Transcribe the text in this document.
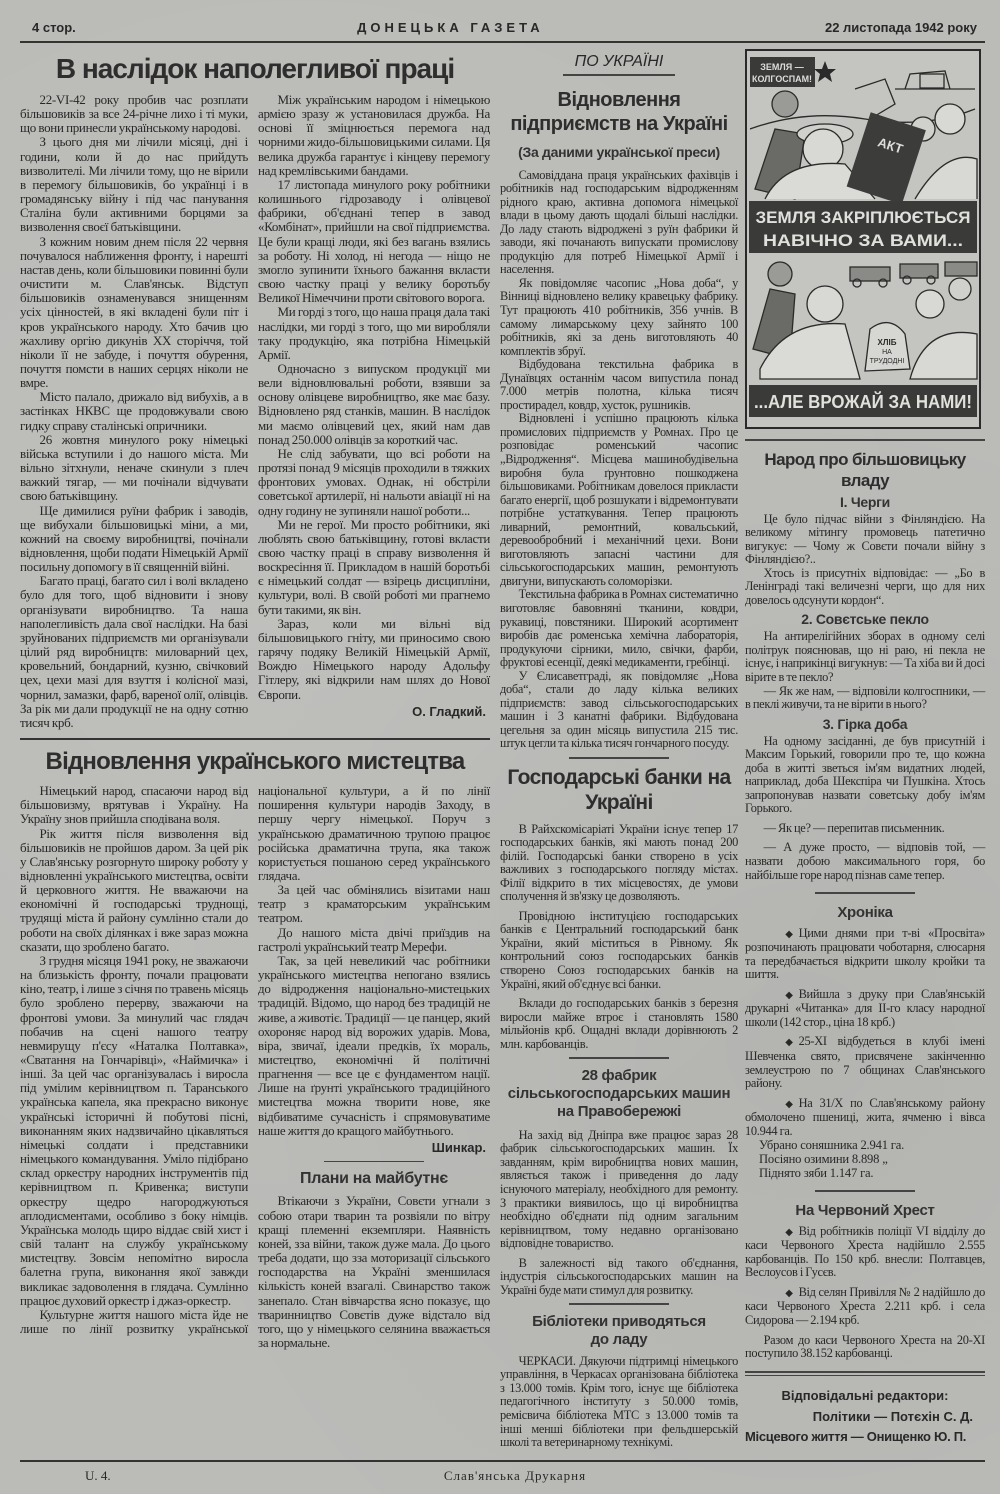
4 стор.	ДОНЕЦЬКА ГАЗЕТА	22 листопада 1942 року
В наслідок наполегливої праці

22-VI-42 року пробив час розплати більшовиків за все 24-річне лихо і ті муки, що вони принесли українському народові.

З цього дня ми лічили місяці, дні і години, коли й до нас прийдуть визволителі. Ми лічили тому, що не вірили в перемогу більшовиків, бо українці і в громадянську війну і під час панування Сталіна були активними борцями за визволення своєї батьківщини.

З кожним новим днем після 22 червня почувалося наближення фронту, і нарешті настав день, коли більшовики повинні були очистити м. Слав'янськ. Відступ більшовиків ознаменувався знищенням усіх цінностей, в які вкладені були піт і кров українського народу. Хто бачив цю жахливу оргію дикунів XX сторіччя, той ніколи її не забуде, і почуття обурення, почуття помсти в наших серцях ніколи не вмре.

Місто палало, дрижало від вибухів, а в застінках НКВС ще продовжували свою гидку справу сталінські опричники.

26 жовтня минулого року німецькі війська вступили і до нашого міста. Ми вільно зітхнули, неначе скинули з плеч важкий тягар, — ми почінали відчувати свою батьківщину.

Ще димилися руїни фабрик і заводів, ще вибухали більшовицькі міни, а ми, кожний на своєму виробництві, почінали відновлення, щоби подати Німецькій Армії посильну допомогу в її священній війні.

Багато праці, багато сил і волі вкладено було для того, щоб відновити і знову організувати виробництво. Та наша наполегливість дала свої наслідки. На базі зруйнованих підприємств ми організували цілий ряд виробництв: миловарний цех, кровельний, бондарний, кузню, свічковий цех, цехи мазі для взуття і колісної мазі, чорнил, замазки, фарб, вареної олії, олівців. За рік ми дали продукції не на одну сотню тисяч крб.

Між українським народом і німецькою армією зразу ж установилася дружба. На основі її зміцнюється перемога над чорними жидо-більшовицькими силами. Ця велика дружба гарантує і кінцеву перемогу над кремлівськими бандами.

17 листопада минулого року робітники колишнього гідрозаводу і олівцевої фабрики, об'єднані тепер в завод «Комбінат», прийшли на свої підприємства. Це були кращі люди, які без вагань взялись за роботу. Ні холод, ні негода — ніщо не змогло зупинити їхнього бажання вкласти свою частку праці у велику боротьбу Великої Німеччини проти світового ворога.

Ми горді з того, що наша праця дала такі наслідки, ми горді з того, що ми виробляли таку продукцію, яка потрібна Німецькій Армії.

Одночасно з випуском продукції ми вели відновлювальні роботи, взявши за основу олівцеве виробництво, яке має базу. Відновлено ряд станків, машин. В наслідок ми маємо олівцевий цех, який нам дав понад 250.000 олівців за короткий час.

Не слід забувати, що всі роботи на протязі понад 9 місяців проходили в тяжких фронтових умовах. Однак, ні обстріли советської артилерії, ні нальоти авіації ні на одну годину не зупиняли нашої роботи...

Ми не герої. Ми просто робітники, які люблять свою батьківщину, готові вкласти свою частку праці в справу визволення й воскресіння її. Прикладом в нашій боротьбі є німецький солдат — взірець дисципліни, культури, волі. В своїй роботі ми прагнемо бути такими, як він.

Зараз, коли ми вільні від більшовицького гніту, ми приносимо свою гарячу подяку Великій Німецькій Армії, Вождю Німецького народу Адольфу Гітлеру, які відкрили нам шлях до Нової Європи.

О. Гладкий.
Відновлення українського мистецтва

Німецький народ, спасаючи народ від більшовизму, врятував і Україну. На Україну знов прийшла сподівана воля.

Рік життя після визволення від більшовиків не пройшов даром. За цей рік у Слав'янську розгорнуто широку роботу у відновленні українського мистецтва, освіти й церковного життя. Не вважаючи на економічні й господарські труднощі, трудящі міста й району сумлінно стали до роботи на своїх ділянках і вже зараз можна сказати, що зроблено багато.

З грудня місяця 1941 року, не зважаючи на близькість фронту, почали працювати кіно, театр, і лише з січня по травень місяць було зроблено перерву, зважаючи на фронтові умови. За минулий час глядач побачив на сцені нашого театру невмирущу п'єсу «Наталка Полтавка», «Сватання на Гончарівці», «Наймичка» і інші. За цей час організувалась і виросла під умілим керівництвом п. Таранського українська капела, яка прекрасно виконує українські історичні й побутові пісні, виконанням яких надзвичайно цікавляться німецькі солдати і представники німецького командування. Уміло підібрано склад оркестру народних інструментів під керівництвом п. Кривенка; виступи оркестру щедро нагороджуються аплодисментами, особливо з боку німців. Українська молодь щиро віддає свій хист і свій талант на службу українському мистецтву. Зовсім непомітно виросла балетна група, виконання якої завжди викликає задоволення в глядача. Сумлінно працює духовий оркестр і джаз-оркестр.

Культурне життя нашого міста йде не лише по лінії розвитку української

національної культури, а й по лінії поширення культури народів Заходу, в першу чергу німецької. Поруч з українською драматичною трупою працює російська драматична трупа, яка також користується пошаною серед українського глядача.

За цей час обмінялись візитами наш театр з краматорським українським театром.

До нашого міста двічі приїздив на гастролі український театр Мерефи.

Так, за цей невеликий час робітники українського мистецтва непогано взялись до відродження національно-мистецьких традицій. Відомо, що народ без традицій не живе, а животіє. Традиції — це панцер, який охороняє народ від ворожих ударів. Мова, віра, звичаї, ідеали предків, їх мораль, мистецтво, економічні й політичні прагнення — все це є фундаментом нації. Лише на ґрунті українського традиційного мистецтва можна творити нове, яке відбиватиме сучасність і спрямовуватиме наше життя до кращого майбутнього.

Шинкар.
Плани на майбутнє

Втікаючи з України, Совєти угнали з собою отари тварин та розвіяли по вітру кращі племенні екземпляри. Наявність коней, зза війни, також дуже мала. До цього треба додати, що зза моторизації сільського господарства на Україні зменшилася кількість коней взагалі. Свинарство також занепало. Стан вівчарства ясно показує, що тваринництво Совєтів дуже відстало від того, що у німецького селянина вважається за нормальне.

ПО УКРАЇНІ
Відновлення підприємств на Україні
(За даними української преси)

Самовіддана праця українських фахівців і робітників над господарським відродженням рідного краю, активна допомога німецької влади в цьому дають щодалі більші наслідки. До ладу стають відроджені з руїн фабрики й заводи, які почанають випускати промислову продукцію для потреб Німецької Армії і населення.

Як повідомляє часопис „Нова доба“, у Вінниці відновлено велику кравецьку фабрику. Тут працюють 410 робітників, 356 учнів. В самому лимарському цеху зайнято 100 робітників, які за день виготовляють 40 комплектів збруї.

Відбудована текстильна фабрика в Дунаївцях останнім часом випустила понад 7.000 метрів полотна, кілька тисяч простирадел, ковдр, хусток, рушників.

Відновлені і успішно працюють кілька промислових підприємств у Ромнах. Про це розповідає роменський часопис „Відродження“. Місцева машинобудівельна виробня була ґрунтовно пошкоджена більшовиками. Робітникам довелося прикласти багато енергії, щоб розшукати і відремонтувати потрібне устаткування. Тепер працюють ливарний, ремонтний, ковальський, деревообробний і механічний цехи. Вони виготовляють запасні частини для сільськогосподарських машин, ремонтують двигуни, випускають соломорізки.

Текстильна фабрика в Ромнах систематично виготовляє бавовняні тканини, ковдри, рукавиці, повстяники. Широкий асортимент виробів дає роменська хемічна лабораторія, продукуючи сірники, мило, свічки, фарби, фруктові есенції, деякі медикаменти, гребінці.

У Єлисаветграді, як повідомляє „Нова доба“, стали до ладу кілька великих підприємств: завод сільськогосподарських машин і 3 канатні фабрики. Відбудована цегельня за один місяць випустила 215 тис. штук цегли та кілька тисяч гончарного посуду.

Господарські банки на Україні

В Райхскомісаріаті України існує тепер 17 господарських банків, які мають понад 200 філій. Господарські банки створено в усіх важливих з господарського погляду містах. Філії відкрито в тих місцевостях, де умови сполучення й зв'язку це дозволяють.

Провідною інституцією господарських банків є Центральний господарський банк України, який міститься в Рівному. Як контрольний союз господарських банків створено Союз господарських банків на Україні, який об'єднує всі банки.

Вклади до господарських банків з березня виросли майже втроє і становлять 1580 мільйонів крб. Ощадні вклади дорівнюють 2 млн. карбованців.

28 фабрик
сільськогосподарських машин
на Правобережжі

На захід від Дніпра вже працює зараз 28 фабрик сільськогосподарських машин. Їх завданням, крім виробництва нових машин, являється також і приведення до ладу існуючого матеріалу, необхідного для ремонту. З практики виявилось, що ці виробництва необхідно об'єднати під одним загальним керівництвом, тому недавно організовано відповідне товариство.

В залежності від такого об'єднання, індустрія сільськогосподарських машин на Україні буде мати стимул для розвитку.

Бібліотеки приводяться
до ладу

ЧЕРКАСИ. Дякуючи підтримці німецького управління, в Черкасах організована бібліотека з 13.000 томів. Крім того, існує ще бібліотека педагогічного інституту з 50.000 томів, ремісвича бібліотека МТС з 13.000 томів та інші менші бібліотеки при фельдшерській школі та ветеринарному технікумі.

ЗЕМЛЯ —
КОЛГОСПАМ!
АКТ
ЗЕМЛЯ ЗАКРІПЛЮЄТЬСЯ
НАВІЧНО ЗА ВАМИ...
ХЛІБ
НА
ТРУДОДНІ
...АЛЕ ВРОЖАЙ ЗА НАМИ!
Народ про більшовицьку владу
І. Черги

Це було підчас війни з Фінляндією. На великому мітингу промовець патетично вигукує: — Чому ж Совєти почали війну з Фінляндією?..

Хтось із присутніх відповідає: — „Бо в Ленінграді такі величезні черги, що для них довелось одсунути кордон“.

2. Совєтське пекло

На антирелігійних зборах в одному селі політрук пояснював, що ні раю, ні пекла не існує, і наприкінці вигукнув: — Та хіба ви й досі вірите в те пекло?

— Як же нам, — відповіли колгоспники, — в пеклі живучи, та не вірити в нього?

3. Гірка доба

На одному засіданні, де був присутній і Максим Горький, говорили про те, що кожна доба в житті зветься ім'ям видатних людей, наприклад, доба Шекспіра чи Пушкіна. Хтось запропонував назвати советську добу ім'ям Горького.

— Як це? — перепитав письменник.

— А дуже просто, — відповів той, — назвати добою максимального горя, бо найбільше горе народ пізнав саме тепер.

Хроніка

◆ Цими днями при т-ві «Просвіта» розпочинають працювати чоботарня, слюсарня та передбачається відкрити школу кройки та шиття.

◆ Вийшла з друку при Слав'янській друкарні «Читанка» для II-го класу народної школи (142 стор., ціна 18 крб.)

◆ 25-XI відбудеться в клубі імені Шевченка свято, присвячене закінченню землеустрою по 7 общинах Слав'янського району.

◆ На 31/X по Слав'янському району обмолочено пшениці, жита, ячменю і вівса 10.944 га.

Убрано соняшника 2.941 га.
Посіяно озимини 8.898 „
Піднято зяби 1.147 га.
На Червоний Хрест

◆ Від робітників поліції VI відділу до каси Червоного Хреста надійшло 2.555 карбованців. По 150 крб. внесли: Полтавцев, Веслоусов і Гусєв.

◆ Від селян Привілля № 2 надійшло до каси Червоного Хреста 2.211 крб. і села Сидорова — 2.194 крб.

Разом до каси Червоного Хреста на 20-XI поступило 38.152 карбованці.

Відповідальні редактори:
Політики — Потєхін С. Д.
Місцевого життя — Онищенко Ю. П.
U. 4.	Слав'янська Друкарня
